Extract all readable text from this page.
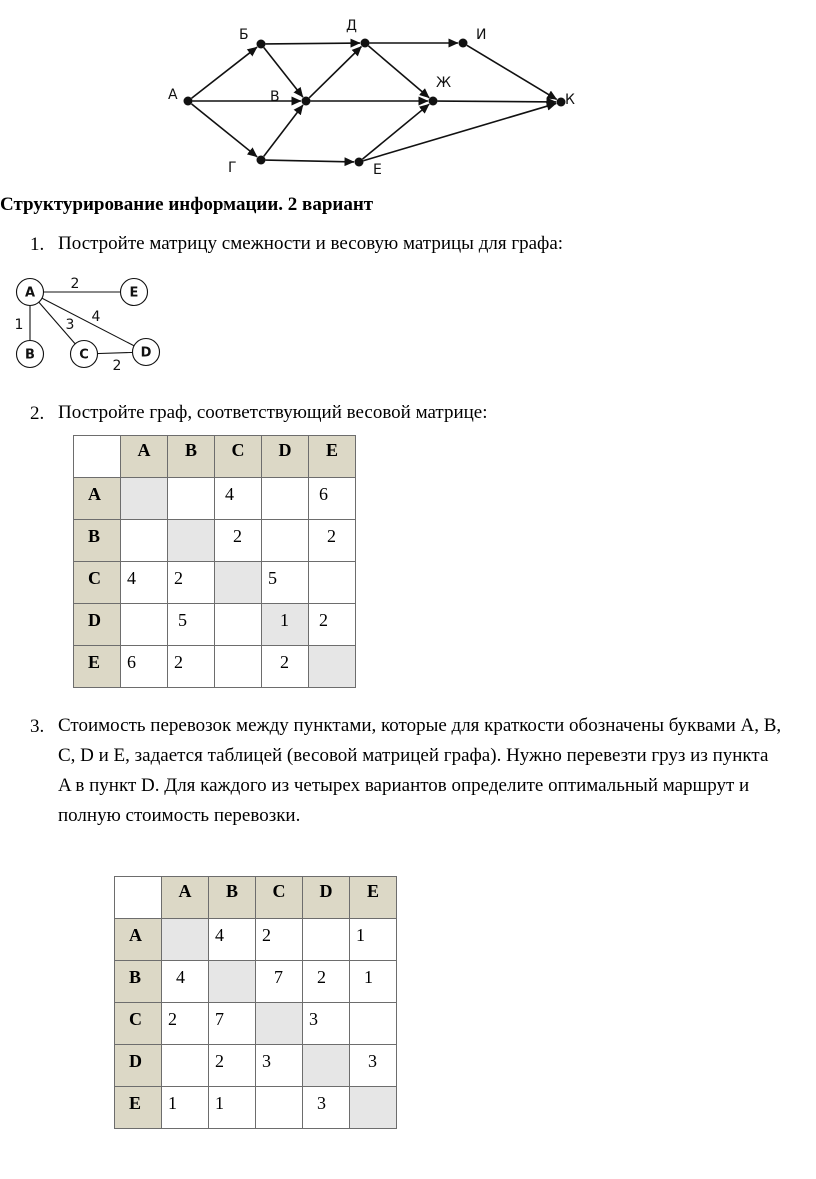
А
Б
В
Г
Д
Е
Ж
И
К
Структурирование информации. 2 вариант
1. Постройте матрицу смежности и весовую матрицы для графа:
2
1	3 4
2
A	E
B	C	D
2. Постройте граф, соответствующий весовой матрице:
	A	B	C	D	E
A			4		6
B			2		2
C	4	2		5	
D		5		1	2
E	6	2		2	
3. Стоимость перевозок между пунктами, которые для краткости обозначены буквами A, B,
C, D и E, задается таблицей (весовой матрицей графа). Нужно перевезти груз из пункта
A в пункт D. Для каждого из четырех вариантов определите оптимальный маршрут и
полную стоимость перевозки.
	A	B	C	D	E
A		4	2		1
B	4		7	2	1
C	2	7		3	
D		2	3		3
E	1	1		3	
